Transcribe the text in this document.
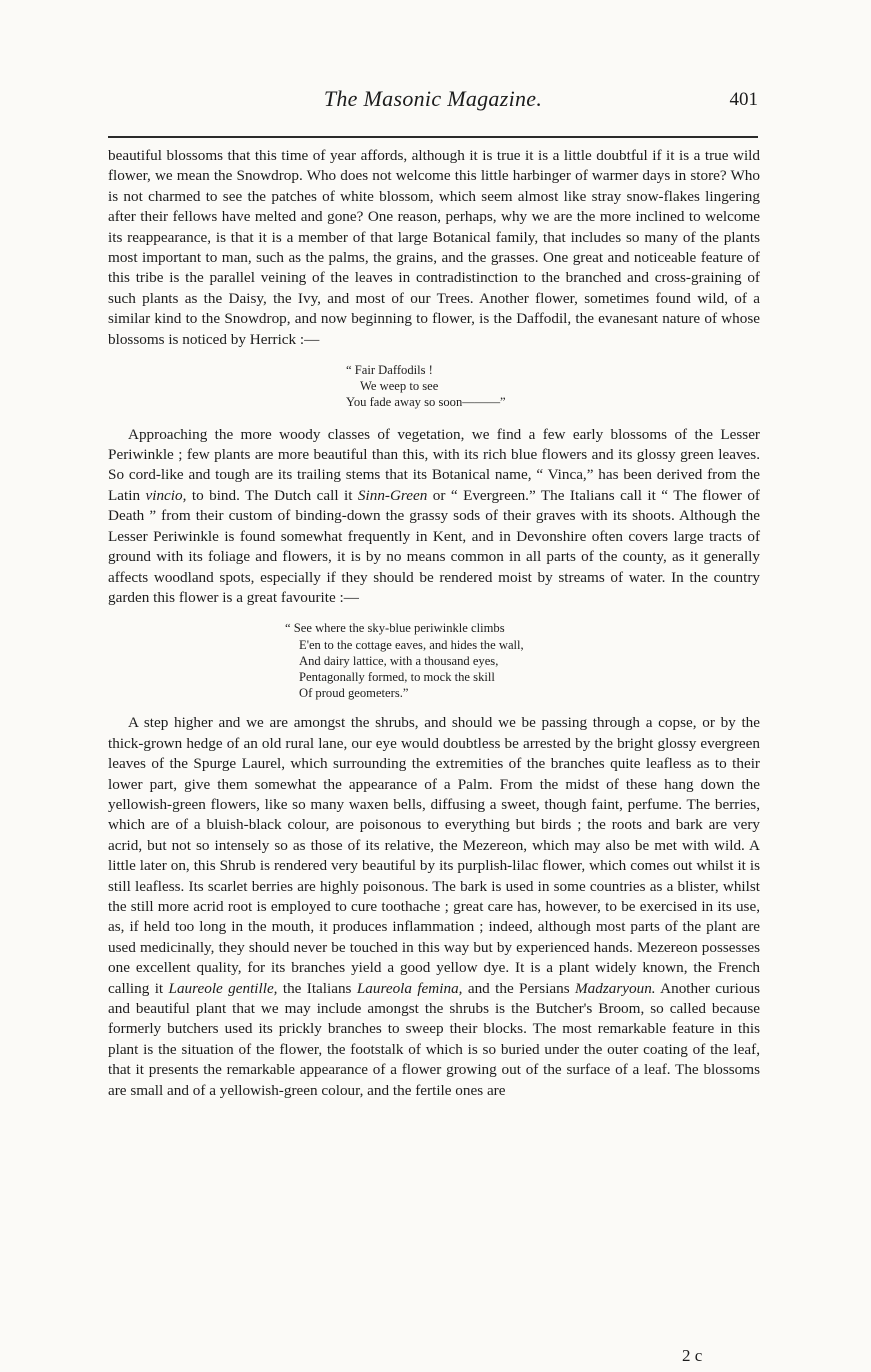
The Masonic Magazine.	401

beautiful blossoms that this time of year affords, although it is true it is a little doubtful if it is a true wild flower, we mean the Snowdrop. Who does not welcome this little harbinger of warmer days in store? Who is not charmed to see the patches of white blossom, which seem almost like stray snow-flakes lingering after their fellows have melted and gone? One reason, perhaps, why we are the more inclined to welcome its reappearance, is that it is a member of that large Botanical family, that includes so many of the plants most important to man, such as the palms, the grains, and the grasses. One great and noticeable feature of this tribe is the parallel veining of the leaves in contradistinction to the branched and cross-graining of such plants as the Daisy, the Ivy, and most of our Trees. Another flower, sometimes found wild, of a similar kind to the Snowdrop, and now beginning to flower, is the Daffodil, the evanesant nature of whose blossoms is noticed by Herrick :—

“ Fair Daffodils !
We weep to see
You fade away so soon———”

Approaching the more woody classes of vegetation, we find a few early blossoms of the Lesser Periwinkle ; few plants are more beautiful than this, with its rich blue flowers and its glossy green leaves. So cord-like and tough are its trailing stems that its Botanical name, “ Vinca,” has been derived from the Latin vincio, to bind. The Dutch call it Sinn-Green or “ Evergreen.” The Italians call it “ The flower of Death ” from their custom of binding-down the grassy sods of their graves with its shoots. Although the Lesser Periwinkle is found somewhat frequently in Kent, and in Devonshire often covers large tracts of ground with its foliage and flowers, it is by no means common in all parts of the county, as it generally affects woodland spots, especially if they should be rendered moist by streams of water. In the country garden this flower is a great favourite :—

“ See where the sky-blue periwinkle climbs
E'en to the cottage eaves, and hides the wall,
And dairy lattice, with a thousand eyes,
Pentagonally formed, to mock the skill
Of proud geometers.”

A step higher and we are amongst the shrubs, and should we be passing through a copse, or by the thick-grown hedge of an old rural lane, our eye would doubtless be arrested by the bright glossy evergreen leaves of the Spurge Laurel, which surrounding the extremities of the branches quite leafless as to their lower part, give them somewhat the appearance of a Palm. From the midst of these hang down the yellowish-green flowers, like so many waxen bells, diffusing a sweet, though faint, perfume. The berries, which are of a bluish-black colour, are poisonous to everything but birds ; the roots and bark are very acrid, but not so intensely so as those of its relative, the Mezereon, which may also be met with wild. A little later on, this Shrub is rendered very beautiful by its purplish-lilac flower, which comes out whilst it is still leafless. Its scarlet berries are highly poisonous. The bark is used in some countries as a blister, whilst the still more acrid root is employed to cure toothache ; great care has, however, to be exercised in its use, as, if held too long in the mouth, it produces inflammation ; indeed, although most parts of the plant are used medicinally, they should never be touched in this way but by experienced hands. Mezereon possesses one excellent quality, for its branches yield a good yellow dye. It is a plant widely known, the French calling it Laureole gentille, the Italians Laureola femina, and the Persians Madzaryoun. Another curious and beautiful plant that we may include amongst the shrubs is the Butcher's Broom, so called because formerly butchers used its prickly branches to sweep their blocks. The most remarkable feature in this plant is the situation of the flower, the footstalk of which is so buried under the outer coating of the leaf, that it presents the remarkable appearance of a flower growing out of the surface of a leaf. The blossoms are small and of a yellowish-green colour, and the fertile ones are

2 c
